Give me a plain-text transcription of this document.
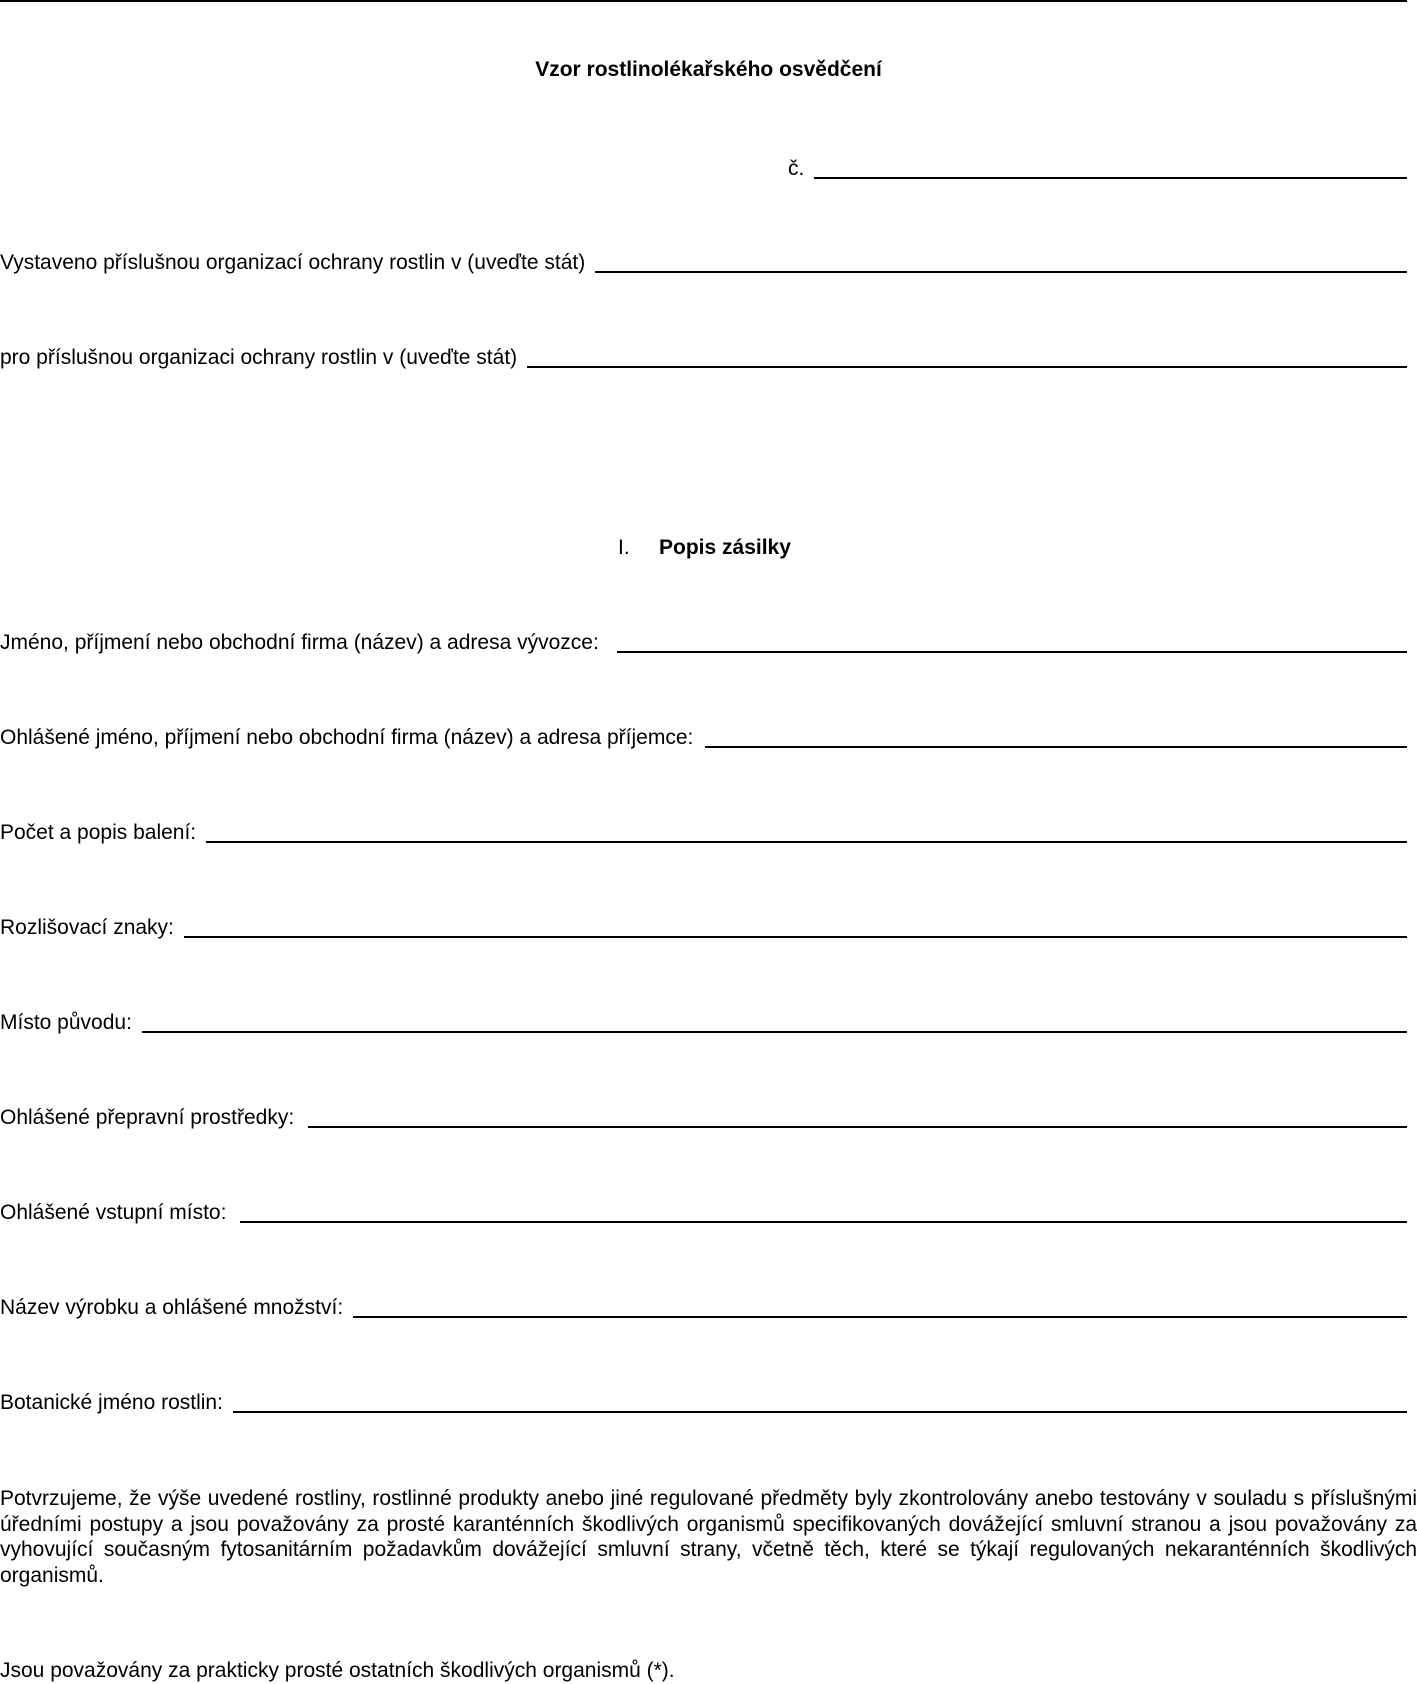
Vzor rostlinolékařského osvědčení
č.
Vystaveno příslušnou organizací ochrany rostlin v (uveďte stát)
pro příslušnou organizaci ochrany rostlin v (uveďte stát)
I. Popis zásilky
Jméno, příjmení nebo obchodní firma (název) a adresa vývozce:
Ohlášené jméno, příjmení nebo obchodní firma (název) a adresa příjemce:
Počet a popis balení:
Rozlišovací znaky:
Místo původu:
Ohlášené přepravní prostředky:
Ohlášené vstupní místo:
Název výrobku a ohlášené množství:
Botanické jméno rostlin:
Potvrzujeme, že výše uvedené rostliny, rostlinné produkty anebo jiné regulované předměty byly zkontrolovány anebo testovány v souladu s příslušnými úředními postupy a jsou považovány za prosté karanténních škodlivých organismů specifikovaných dovážející smluvní stranou a jsou považovány za vyhovující současným fytosanitárním požadavkům dovážející smluvní strany, včetně těch, které se týkají regulovaných nekaranténních škodlivých organismů.
Jsou považovány za prakticky prosté ostatních škodlivých organismů (*).
